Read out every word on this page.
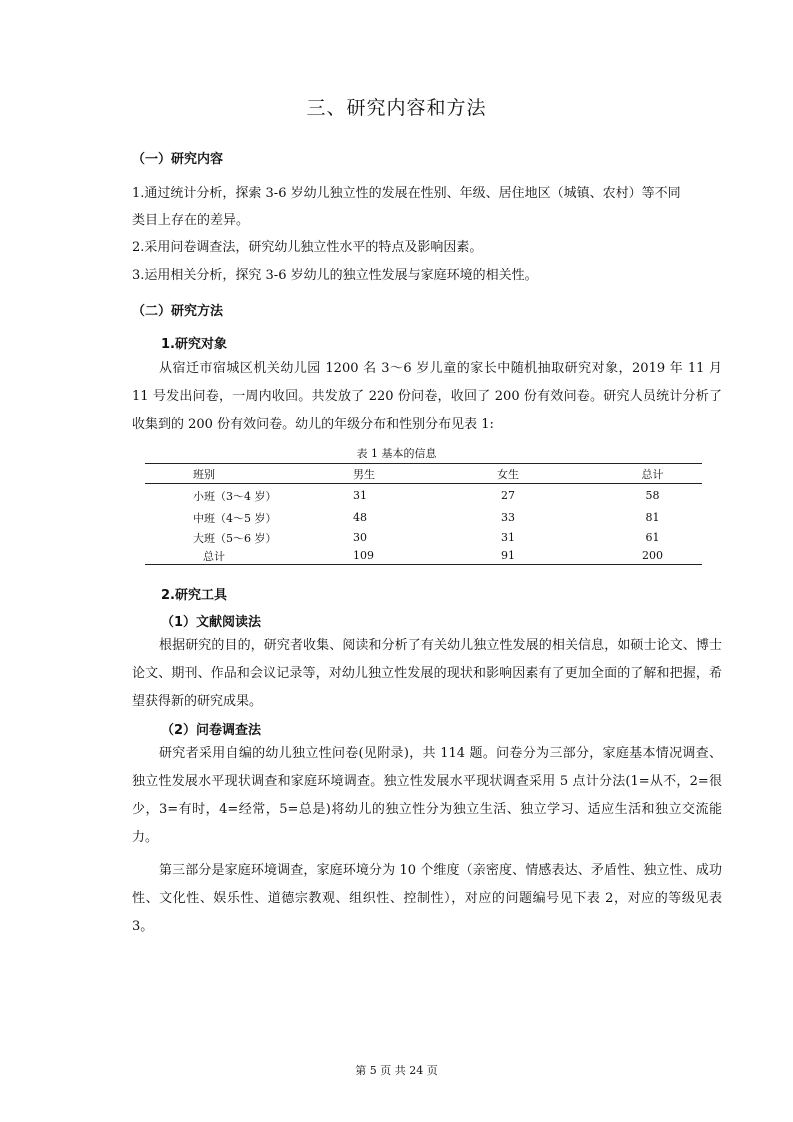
三、研究内容和方法
（一）研究内容
1.通过统计分析，探索 3-6 岁幼儿独立性的发展在性别、年级、居住地区（城镇、农村）等不同
类目上存在的差异。
2.采用问卷调查法，研究幼儿独立性水平的特点及影响因素。
3.运用相关分析，探究 3-6 岁幼儿的独立性发展与家庭环境的相关性。
（二）研究方法
1.研究对象
从宿迁市宿城区机关幼儿园 1200 名 3～6 岁儿童的家长中随机抽取研究对象，2019 年 11 月 11 号发出问卷，一周内收回。共发放了 220 份问卷，收回了 200 份有效问卷。研究人员统计分析了收集到的 200 份有效问卷。幼儿的年级分布和性别分布见表 1:
表 1 基本的信息
班别	男生	女生	总计
小班（3～4 岁）	31	27	58
中班（4～5 岁）	48	33	81
大班（5～6 岁）	30	31	61
总计	109	91	200
2.研究工具
（1）文献阅读法
根据研究的目的，研究者收集、阅读和分析了有关幼儿独立性发展的相关信息，如硕士论文、博士论文、期刊、作品和会议记录等，对幼儿独立性发展的现状和影响因素有了更加全面的了解和把握，希望获得新的研究成果。
（2）问卷调查法
研究者采用自编的幼儿独立性问卷(见附录)，共 114 题。问卷分为三部分，家庭基本情况调查、独立性发展水平现状调查和家庭环境调查。独立性发展水平现状调查采用 5 点计分法(1=从不，2=很少，3=有时，4=经常，5=总是)将幼儿的独立性分为独立生活、独立学习、适应生活和独立交流能力。
第三部分是家庭环境调查，家庭环境分为 10 个维度（亲密度、情感表达、矛盾性、独立性、成功性、文化性、娱乐性、道德宗教观、组织性、控制性），对应的问题编号见下表 2，对应的等级见表 3。
第 5 页 共 24 页
